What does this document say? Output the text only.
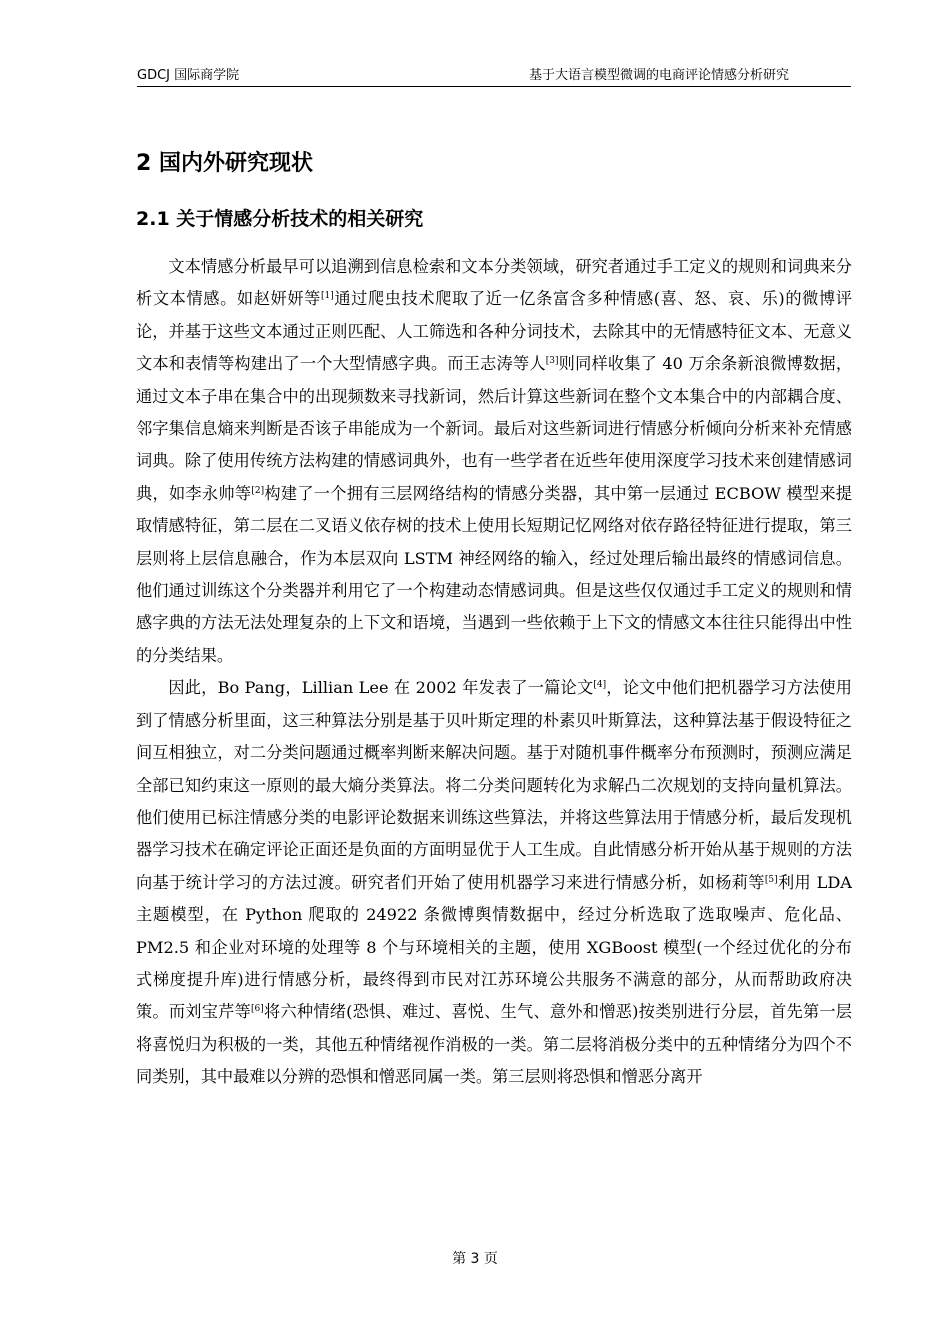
GDCJ 国际商学院	基于大语言模型微调的电商评论情感分析研究
2 国内外研究现状
2.1 关于情感分析技术的相关研究

文本情感分析最早可以追溯到信息检索和文本分类领域，研究者通过手工定义的规则和词典来分析文本情感。如赵妍妍等[1]通过爬虫技术爬取了近一亿条富含多种情感(喜、怒、哀、乐)的微博评论，并基于这些文本通过正则匹配、人工筛选和各种分词技术，去除其中的无情感特征文本、无意义文本和表情等构建出了一个大型情感字典。而王志涛等人[3]则同样收集了 40 万余条新浪微博数据，通过文本子串在集合中的出现频数来寻找新词，然后计算这些新词在整个文本集合中的内部耦合度、邻字集信息熵来判断是否该子串能成为一个新词。最后对这些新词进行情感分析倾向分析来补充情感词典。除了使用传统方法构建的情感词典外，也有一些学者在近些年使用深度学习技术来创建情感词典，如李永帅等[2]构建了一个拥有三层网络结构的情感分类器，其中第一层通过 ECBOW 模型来提取情感特征，第二层在二叉语义依存树的技术上使用长短期记忆网络对依存路径特征进行提取，第三层则将上层信息融合，作为本层双向 LSTM 神经网络的输入，经过处理后输出最终的情感词信息。他们通过训练这个分类器并利用它了一个构建动态情感词典。但是这些仅仅通过手工定义的规则和情感字典的方法无法处理复杂的上下文和语境，当遇到一些依赖于上下文的情感文本往往只能得出中性的分类结果。

因此，Bo Pang，Lillian Lee 在 2002 年发表了一篇论文[4]，论文中他们把机器学习方法使用到了情感分析里面，这三种算法分别是基于贝叶斯定理的朴素贝叶斯算法，这种算法基于假设特征之间互相独立，对二分类问题通过概率判断来解决问题。基于对随机事件概率分布预测时，预测应满足全部已知约束这一原则的最大熵分类算法。将二分类问题转化为求解凸二次规划的支持向量机算法。他们使用已标注情感分类的电影评论数据来训练这些算法，并将这些算法用于情感分析，最后发现机器学习技术在确定评论正面还是负面的方面明显优于人工生成。自此情感分析开始从基于规则的方法向基于统计学习的方法过渡。研究者们开始了使用机器学习来进行情感分析，如杨莉等[5]利用 LDA 主题模型，在 Python 爬取的 24922 条微博舆情数据中，经过分析选取了选取噪声、危化品、PM2.5 和企业对环境的处理等 8 个与环境相关的主题，使用 XGBoost 模型(一个经过优化的分布式梯度提升库)进行情感分析，最终得到市民对江苏环境公共服务不满意的部分，从而帮助政府决策。而刘宝芹等[6]将六种情绪(恐惧、难过、喜悦、生气、意外和憎恶)按类别进行分层，首先第一层将喜悦归为积极的一类，其他五种情绪视作消极的一类。第二层将消极分类中的五种情绪分为四个不同类别，其中最难以分辨的恐惧和憎恶同属一类。第三层则将恐惧和憎恶分离开

第 3 页
